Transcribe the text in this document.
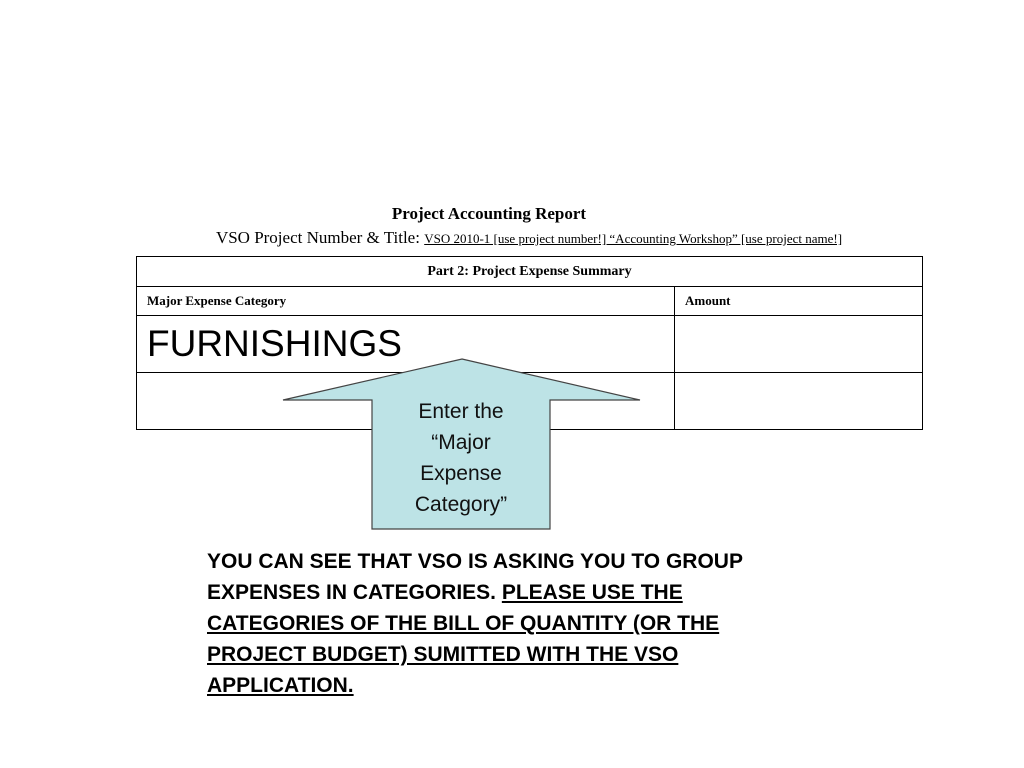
Project Accounting Report
VSO Project Number & Title: VSO 2010-1 [use project number!] “Accounting Workshop” [use project name!]
Part 2: Project Expense Summary	
Major Expense Category	Amount
FURNISHINGS	

Enter the
“Major
Expense
Category”
YOU CAN SEE THAT VSO IS ASKING YOU TO GROUP EXPENSES IN CATEGORIES. PLEASE USE THE CATEGORIES OF THE BILL OF QUANTITY (OR THE PROJECT BUDGET) SUMITTED WITH THE VSO APPLICATION.
